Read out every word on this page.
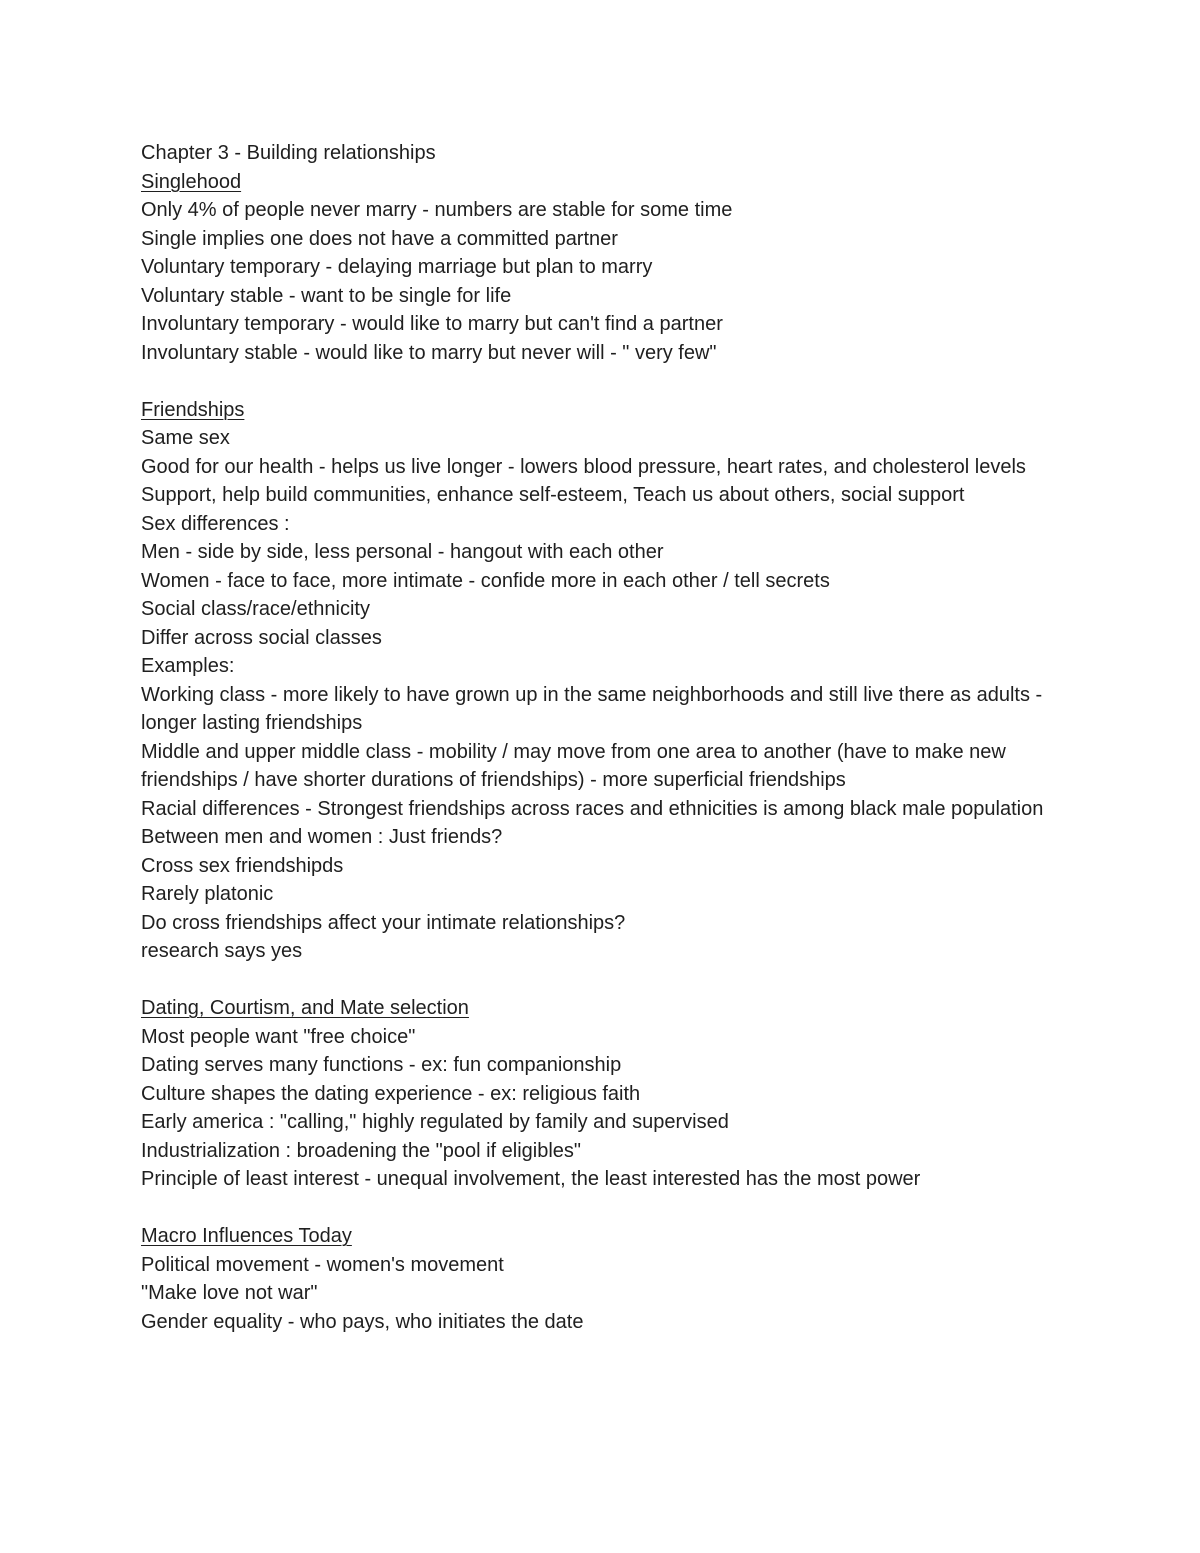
Chapter 3 - Building relationships

Singlehood

Only 4% of people never marry - numbers are stable for some time

Single implies one does not have a committed partner

Voluntary temporary - delaying marriage but plan to marry

Voluntary stable - want to be single for life

Involuntary temporary - would like to marry but can't find a partner

Involuntary stable - would like to marry but never will - " very few"

Friendships

Same sex

Good for our health - helps us live longer - lowers blood pressure, heart rates, and cholesterol levels

Support, help build communities, enhance self-esteem, Teach us about others, social support

Sex differences :

Men - side by side, less personal - hangout with each other

Women - face to face, more intimate - confide more in each other / tell secrets

Social class/race/ethnicity

Differ across social classes

Examples:

Working class - more likely to have grown up in the same neighborhoods and still live there as adults - longer lasting friendships

Middle and upper middle class - mobility / may move from one area to another (have to make new friendships / have shorter durations of friendships) - more superficial friendships

Racial differences - Strongest friendships across races and ethnicities is among black male population

Between men and women : Just friends?

Cross sex friendshipds

Rarely platonic

Do cross friendships affect your intimate relationships?

research says yes

Dating, Courtism, and Mate selection

Most people want "free choice"

Dating serves many functions - ex: fun companionship

Culture shapes the dating experience - ex: religious faith

Early america : "calling," highly regulated by family and supervised

Industrialization : broadening the "pool if eligibles"

Principle of least interest - unequal involvement, the least interested has the most power

Macro Influences Today

Political movement - women's movement

"Make love not war"

Gender equality - who pays, who initiates the date
